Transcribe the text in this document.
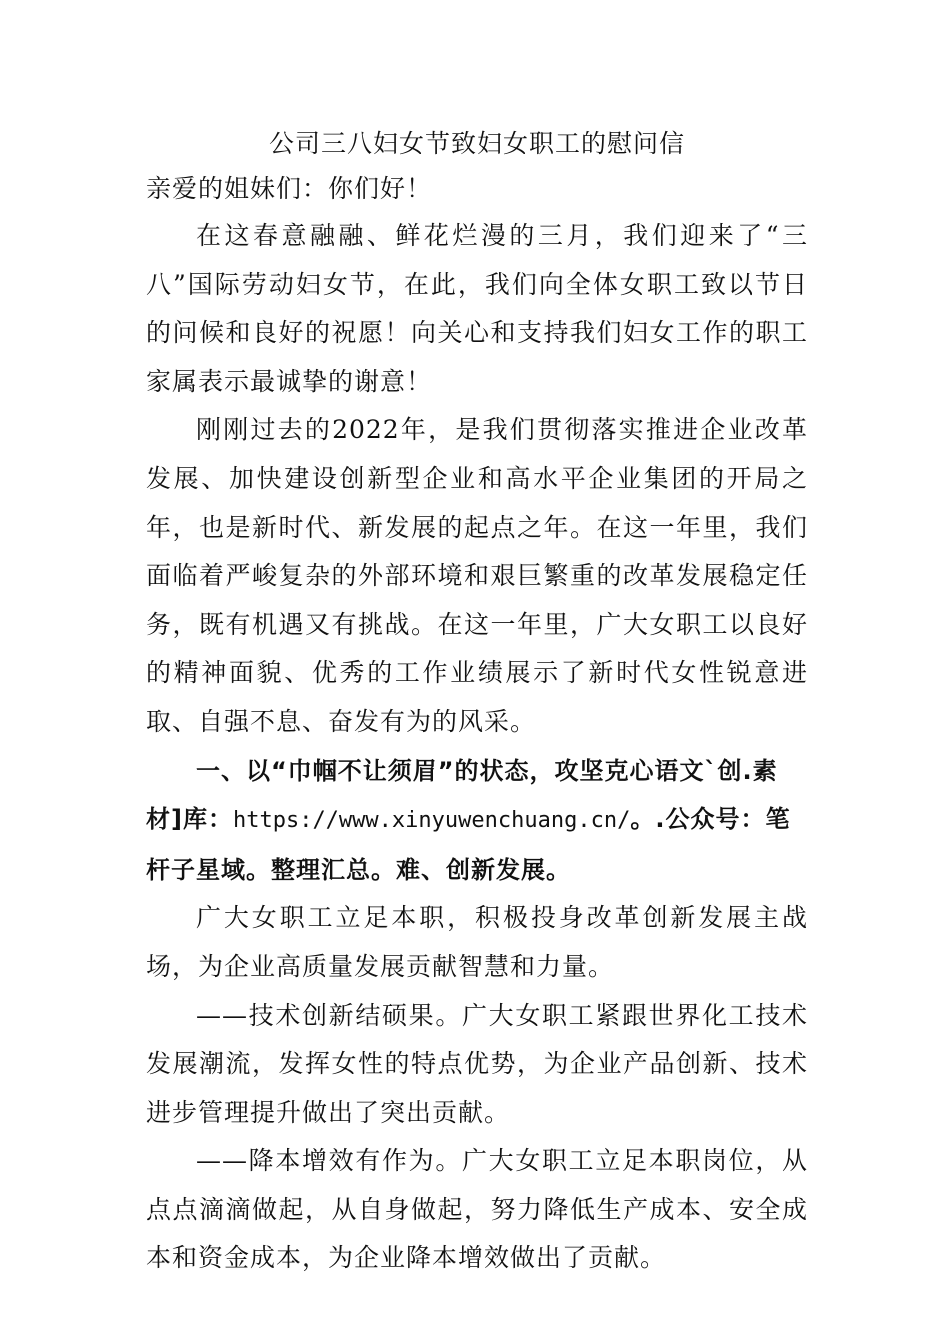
公司三八妇女节致妇女职工的慰问信

亲爱的姐妹们：你们好！

在这春意融融、鲜花烂漫的三月，我们迎来了“三八”国际劳动妇女节，在此，我们向全体女职工致以节日的问候和良好的祝愿！向关心和支持我们妇女工作的职工家属表示最诚挚的谢意！

刚刚过去的2022年，是我们贯彻落实推进企业改革发展、加快建设创新型企业和高水平企业集团的开局之年，也是新时代、新发展的起点之年。在这一年里，我们面临着严峻复杂的外部环境和艰巨繁重的改革发展稳定任务，既有机遇又有挑战。在这一年里，广大女职工以良好的精神面貌、优秀的工作业绩展示了新时代女性锐意进取、自强不息、奋发有为的风采。

一、以“巾帼不让须眉”的状态，攻坚克心语文`创.素材]库：https://www.xinyuwenchuang.cn/。.公众号：笔杆子星域。整理汇总。难、创新发展。

广大女职工立足本职，积极投身改革创新发展主战场，为企业高质量发展贡献智慧和力量。

——技术创新结硕果。广大女职工紧跟世界化工技术发展潮流，发挥女性的特点优势，为企业产品创新、技术进步管理提升做出了突出贡献。

——降本增效有作为。广大女职工立足本职岗位，从点点滴滴做起，从自身做起，努力降低生产成本、安全成本和资金成本，为企业降本增效做出了贡献。
